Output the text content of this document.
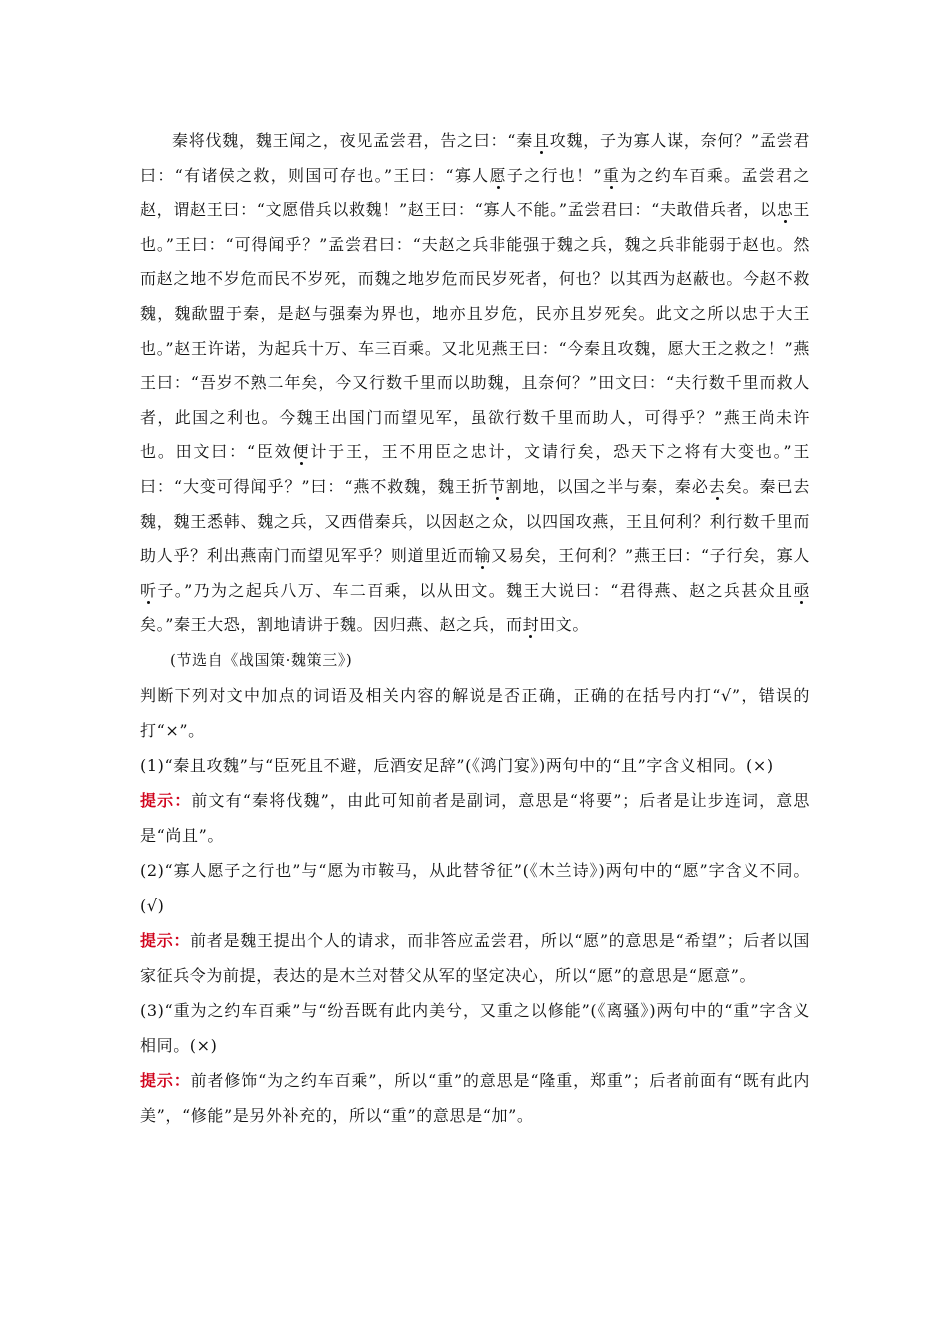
秦将伐魏，魏王闻之，夜见孟尝君，告之曰：“秦且攻魏，子为寡人谋，奈何？”孟尝君曰：“有诸侯之救，则国可存也。”王曰：“寡人愿子之行也！”重为之约车百乘。孟尝君之赵，谓赵王曰：“文愿借兵以救魏！”赵王曰：“寡人不能。”孟尝君曰：“夫敢借兵者，以忠王也。”王曰：“可得闻乎？”孟尝君曰：“夫赵之兵非能强于魏之兵，魏之兵非能弱于赵也。然而赵之地不岁危而民不岁死，而魏之地岁危而民岁死者，何也？以其西为赵蔽也。今赵不救魏，魏歃盟于秦，是赵与强秦为界也，地亦且岁危，民亦且岁死矣。此文之所以忠于大王也。”赵王许诺，为起兵十万、车三百乘。又北见燕王曰：“今秦且攻魏，愿大王之救之！”燕王曰：“吾岁不熟二年矣，今又行数千里而以助魏，且奈何？”田文曰：“夫行数千里而救人者，此国之利也。今魏王出国门而望见军，虽欲行数千里而助人，可得乎？”燕王尚未许也。田文曰：“臣效便计于王，王不用臣之忠计，文请行矣，恐天下之将有大变也。”王曰：“大变可得闻乎？”曰：“燕不救魏，魏王折节割地，以国之半与秦，秦必去矣。秦已去魏，魏王悉韩、魏之兵，又西借秦兵，以因赵之众，以四国攻燕，王且何利？利行数千里而助人乎？利出燕南门而望见军乎？则道里近而输又易矣，王何利？”燕王曰：“子行矣，寡人听子。”乃为之起兵八万、车二百乘，以从田文。魏王大说曰：“君得燕、赵之兵甚众且亟矣。”秦王大恐，割地请讲于魏。因归燕、赵之兵，而封田文。

(节选自《战国策·魏策三》)

判断下列对文中加点的词语及相关内容的解说是否正确，正确的在括号内打“√”，错误的打“×”。

(1)“秦且攻魏”与“臣死且不避，卮酒安足辞”(《鸿门宴》)两句中的“且”字含义相同。(×)

提示：前文有“秦将伐魏”，由此可知前者是副词，意思是“将要”；后者是让步连词，意思是“尚且”。

(2)“寡人愿子之行也”与“愿为市鞍马，从此替爷征”(《木兰诗》)两句中的“愿”字含义不同。(√)

提示：前者是魏王提出个人的请求，而非答应孟尝君，所以“愿”的意思是“希望”；后者以国家征兵令为前提，表达的是木兰对替父从军的坚定决心，所以“愿”的意思是“愿意”。

(3)“重为之约车百乘”与“纷吾既有此内美兮，又重之以修能”(《离骚》)两句中的“重”字含义相同。(×)

提示：前者修饰“为之约车百乘”，所以“重”的意思是“隆重，郑重”；后者前面有“既有此内美”，“修能”是另外补充的，所以“重”的意思是“加”。
